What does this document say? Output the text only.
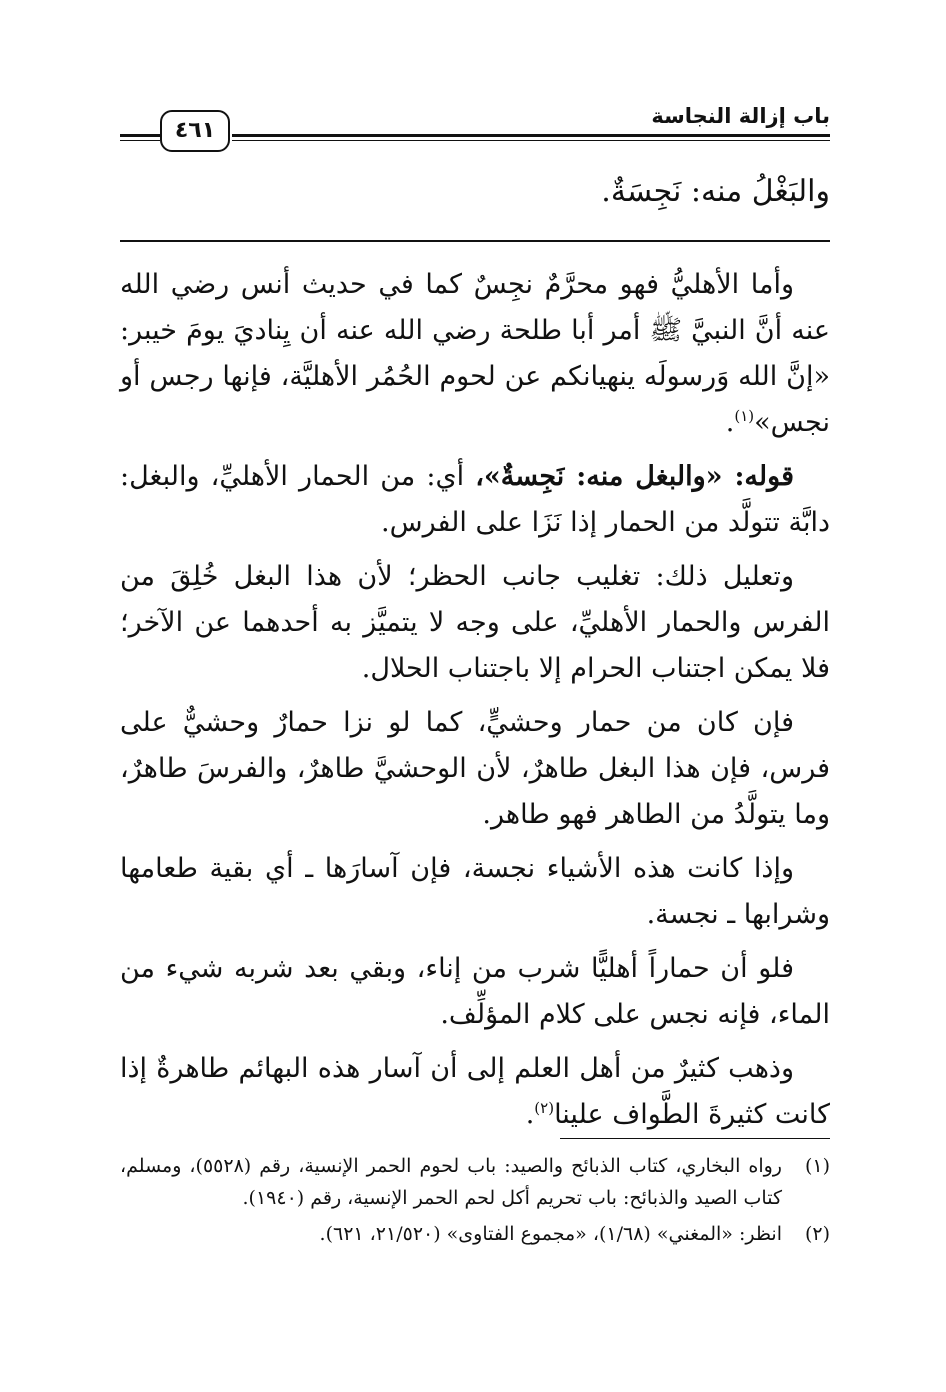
٤٦١
باب إزالة النجاسة
والبَغْلُ منه: نَجِسَةٌ.

وأما الأهليُّ فهو محرَّمٌ نجِسٌ كما في حديث أنس رضي الله عنه أنَّ النبيَّ ﷺ أمر أبا طلحة رضي الله عنه أن يِناديَ يومَ خيبر: «إنَّ الله وَرسولَه ينهيانكم عن لحوم الحُمُر الأهليَّة، فإنها رجس أو نجس»$^{(١)}$.

قوله: «والبغل منه: نَجِسةٌ»، أي: من الحمار الأهليِّ، والبغل: دابَّة تتولَّد من الحمار إذا نَزَا على الفرس.

وتعليل ذلك: تغليب جانب الحظر؛ لأن هذا البغل خُلِقَ من الفرس والحمار الأهليِّ، على وجه لا يتميَّز به أحدهما عن الآخر؛ فلا يمكن اجتناب الحرام إلا باجتناب الحلال.

فإن كان من حمار وحشيٍّ، كما لو نزا حمارٌ وحشيٌّ على فرس، فإن هذا البغل طاهرٌ، لأن الوحشيَّ طاهرٌ، والفرسَ طاهرٌ، وما يتولَّدُ من الطاهر فهو طاهر.

وإذا كانت هذه الأشياء نجسة، فإن آسارَها ـ أي بقية طعامها وشرابها ـ نجسة.

فلو أن حماراً أهليًّا شرب من إناء، وبقي بعد شربه شيء من الماء، فإنه نجس على كلام المؤلِّف.

وذهب كثيرٌ من أهل العلم إلى أن آسار هذه البهائم طاهرةٌ إذا كانت كثيرةَ الطَّواف علينا$^{(٢)}$.

(١)
رواه البخاري، كتاب الذبائح والصيد: باب لحوم الحمر الإنسية، رقم (٥٥٢٨)، ومسلم، كتاب الصيد والذبائح: باب تحريم أكل لحم الحمر الإنسية، رقم (١٩٤٠).
(٢)
انظر: «المغني» (١/٦٨)، «مجموع الفتاوى» (٢١/٥٢٠، ٦٢١).
